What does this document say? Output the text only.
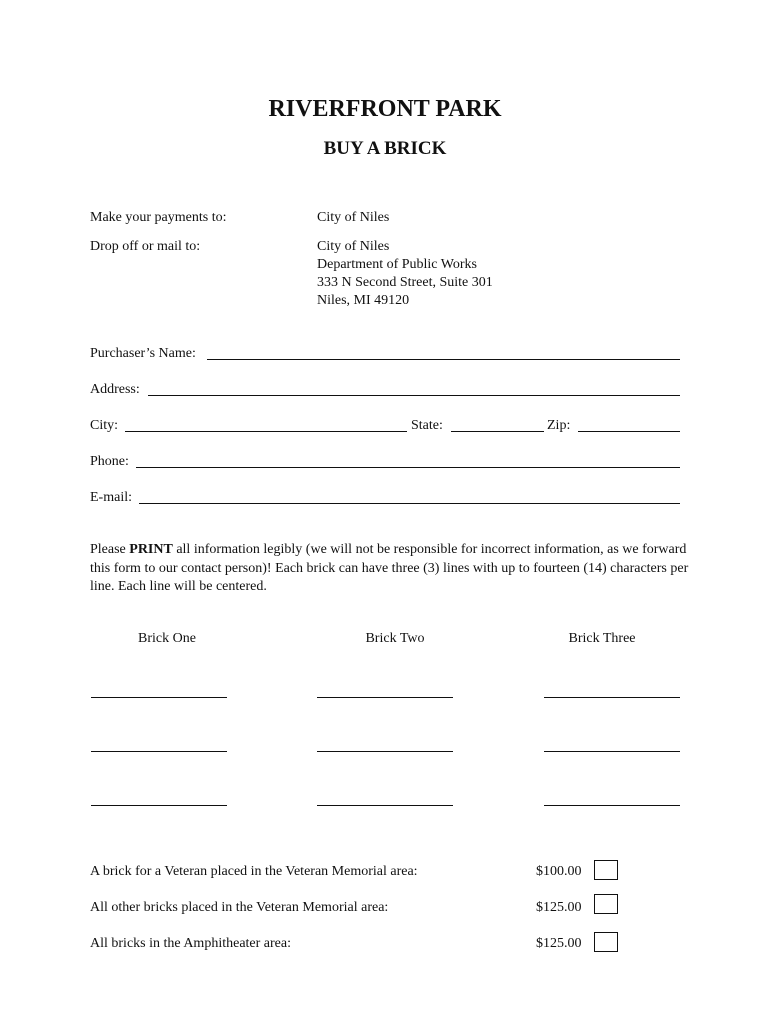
RIVERFRONT PARK
BUY A BRICK
Make your payments to:	City of Niles
Drop off or mail to:	City of Niles
Department of Public Works
333 N Second Street, Suite 301
Niles, MI 49120
Purchaser’s Name:
Address:
City:	State:	Zip:
Phone:
E-mail:
Please PRINT all information legibly (we will not be responsible for incorrect information, as we forward this form to our contact person)! Each brick can have three (3) lines with up to fourteen (14) characters per line. Each line will be centered.
Brick One	Brick Two	Brick Three
A brick for a Veteran placed in the Veteran Memorial area:	$100.00
All other bricks placed in the Veteran Memorial area:	$125.00
All bricks in the Amphitheater area:	$125.00
